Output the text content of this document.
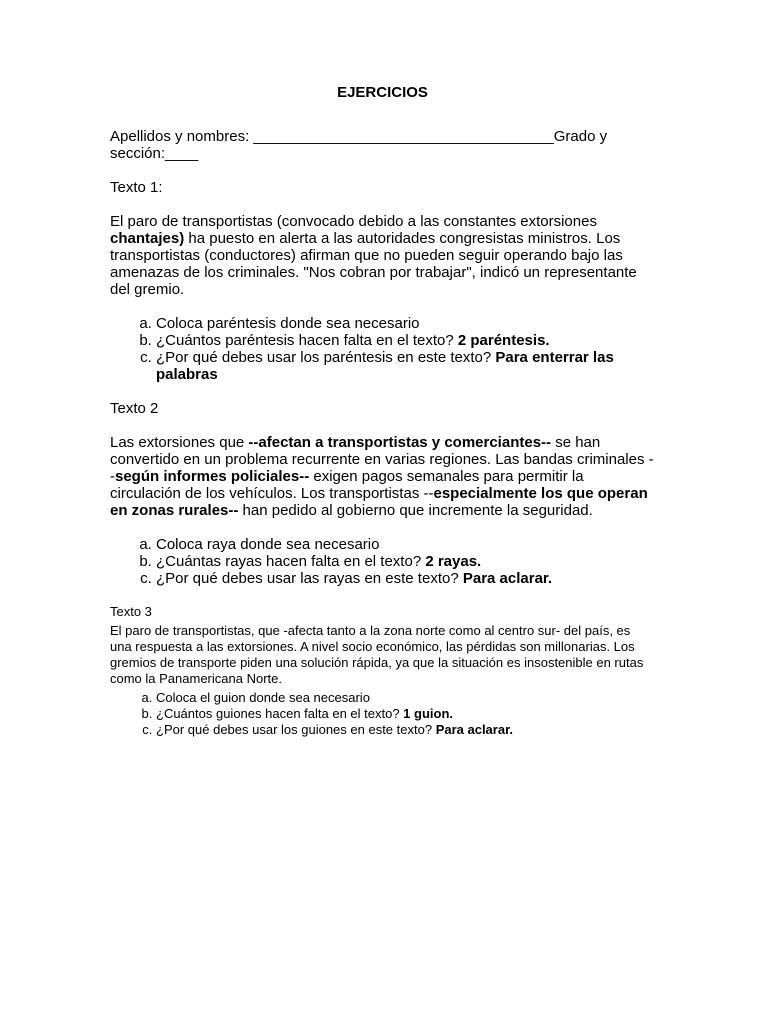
EJERCICIOS

Apellidos y nombres: ____________________________________Grado y sección:____

Texto 1:

El paro de transportistas (convocado debido a las constantes extorsiones chantajes) ha puesto en alerta a las autoridades congresistas ministros. Los transportistas (conductores) afirman que no pueden seguir operando bajo las amenazas de los criminales. "Nos cobran por trabajar", indicó un representante del gremio.

a. Coloca paréntesis donde sea necesario
b. ¿Cuántos paréntesis hacen falta en el texto? 2 paréntesis.
c. ¿Por qué debes usar los paréntesis en este texto? Para enterrar las palabras

Texto 2

Las extorsiones que --afectan a transportistas y comerciantes-- se han convertido en un problema recurrente en varias regiones. Las bandas criminales --según informes policiales-- exigen pagos semanales para permitir la circulación de los vehículos. Los transportistas --especialmente los que operan en zonas rurales-- han pedido al gobierno que incremente la seguridad.

a. Coloca raya donde sea necesario
b. ¿Cuántas rayas hacen falta en el texto? 2 rayas.
c. ¿Por qué debes usar las rayas en este texto? Para aclarar.

Texto 3

El paro de transportistas, que -afecta tanto a la zona norte como al centro sur- del país, es una respuesta a las extorsiones. A nivel socio económico, las pérdidas son millonarias. Los gremios de transporte piden una solución rápida, ya que la situación es insostenible en rutas como la Panamericana Norte.

a. Coloca el guion donde sea necesario
b. ¿Cuántos guiones hacen falta en el texto? 1 guion.
c. ¿Por qué debes usar los guiones en este texto? Para aclarar.
